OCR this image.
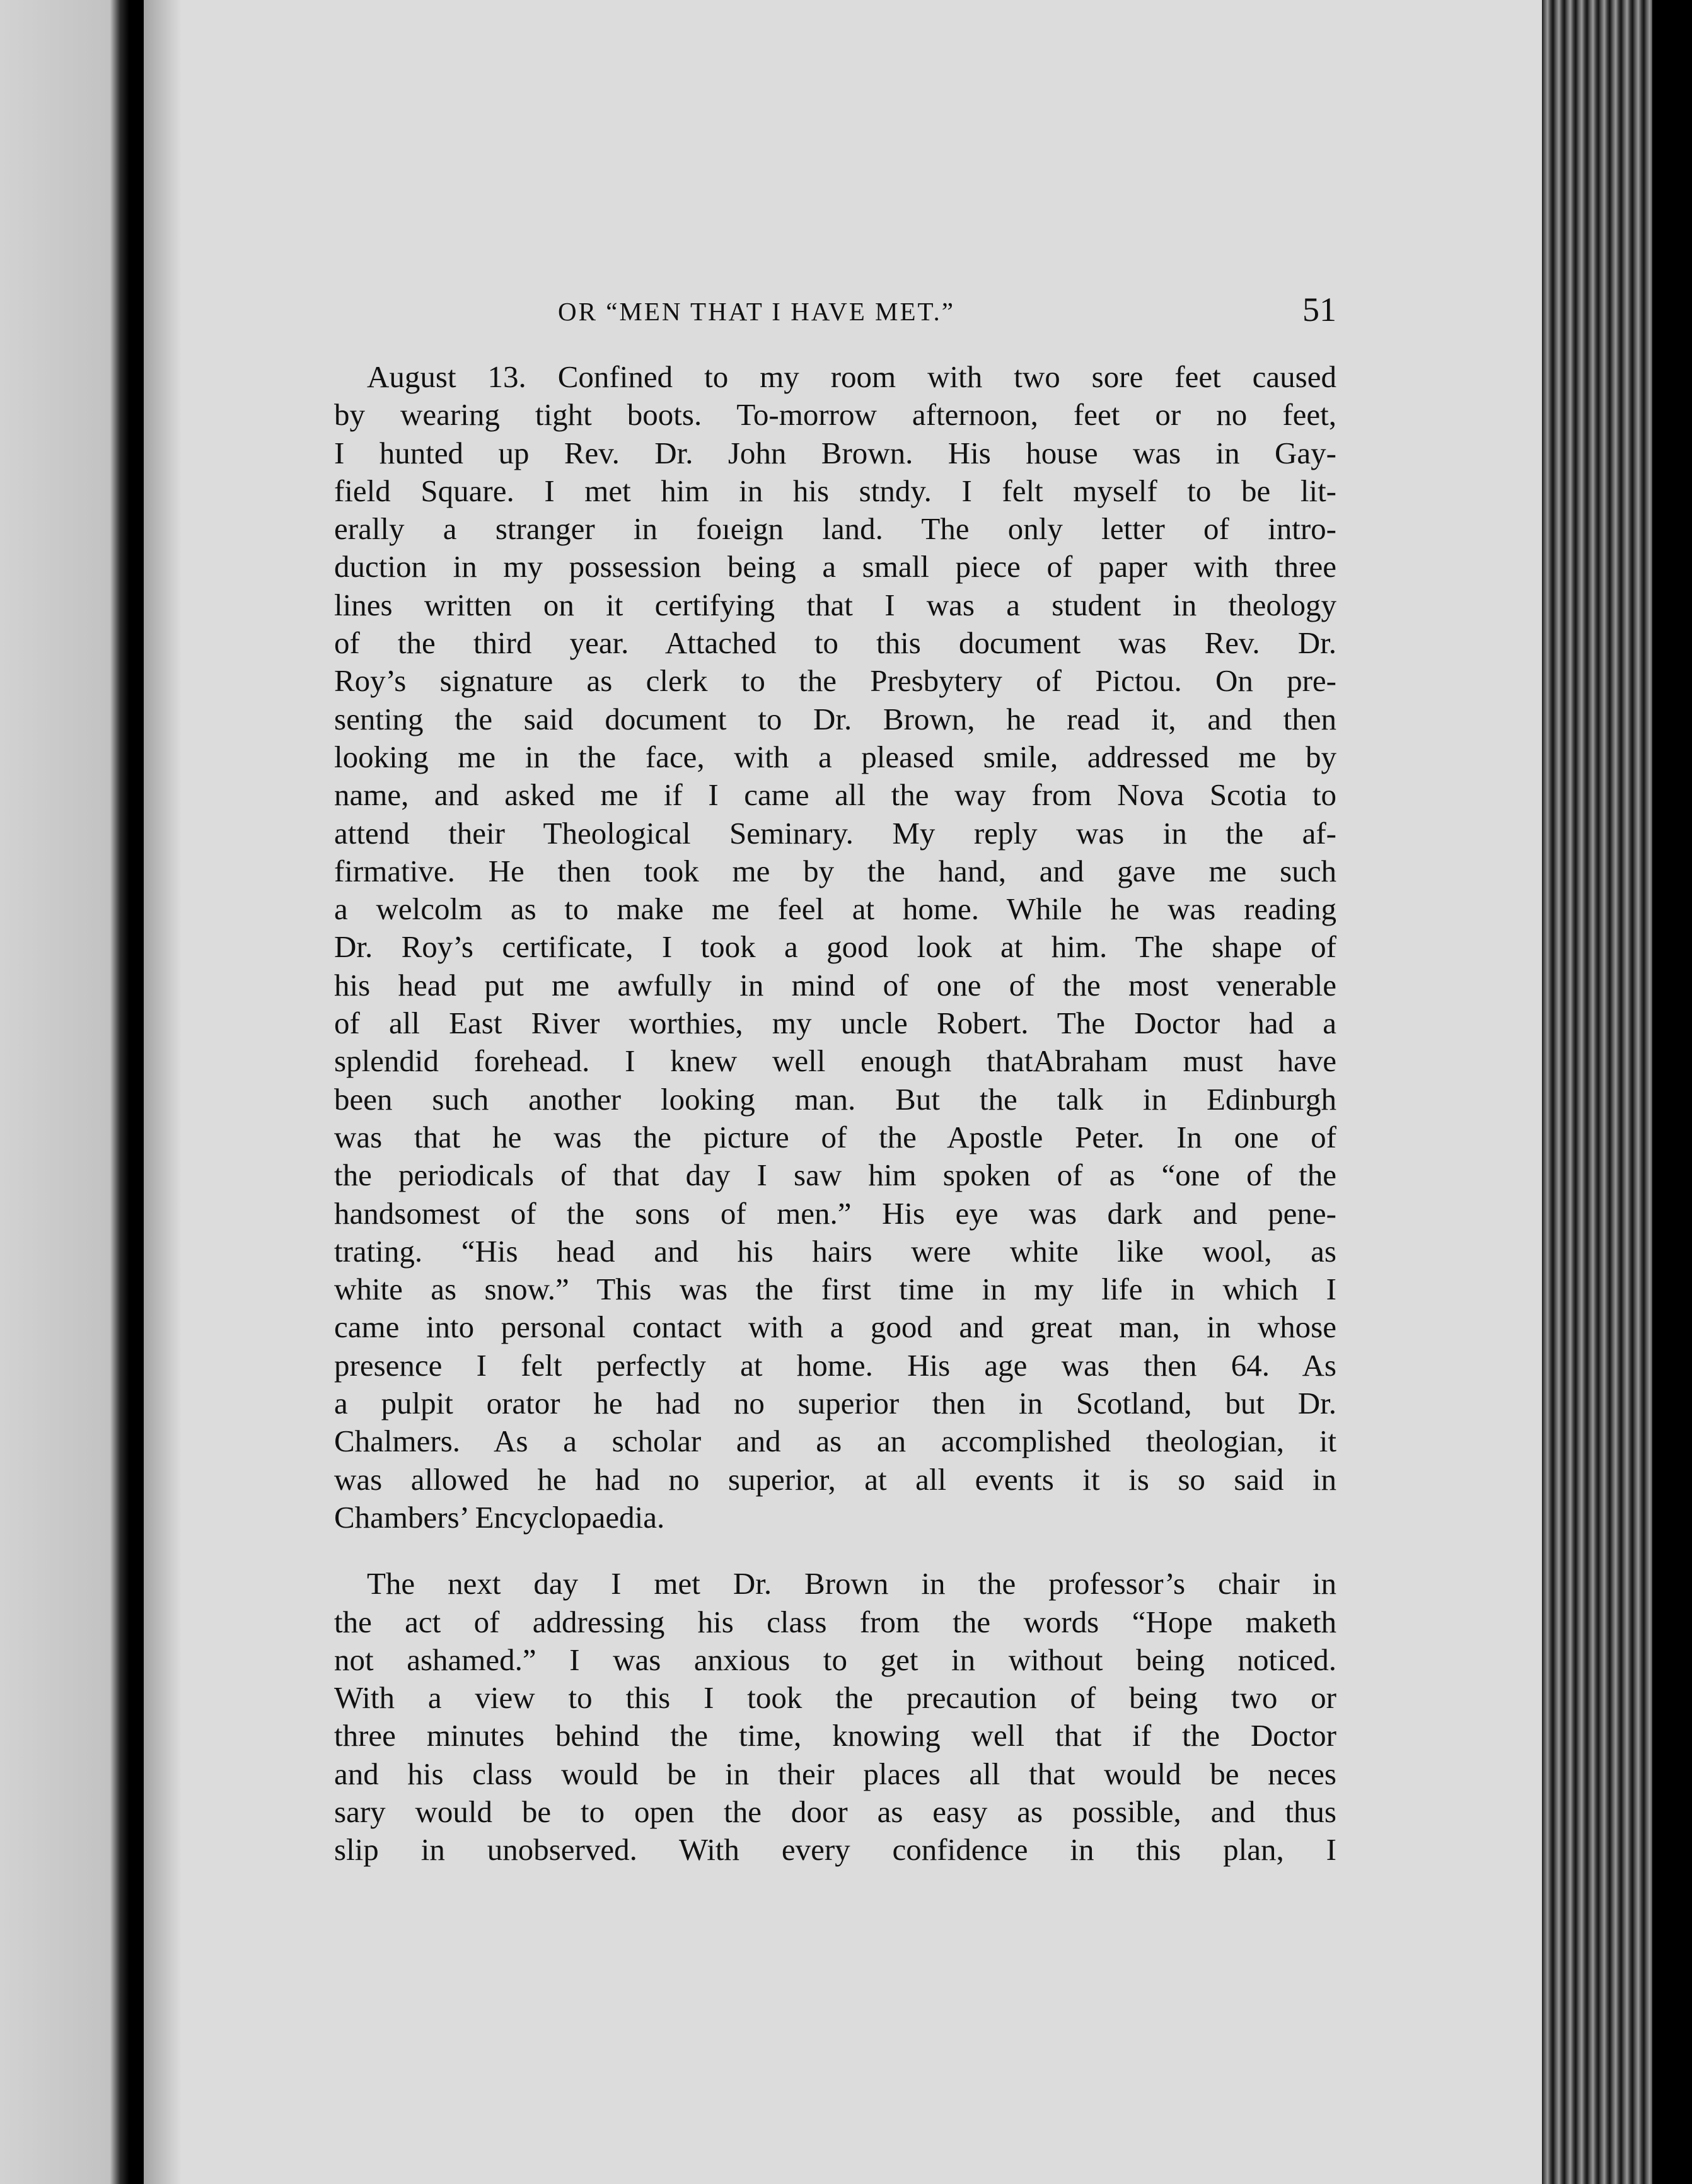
OR “MEN THAT I HAVE MET.”	51
August 13. Confined to my room with two sore feet caused
by wearing tight boots. To-morrow afternoon, feet or no feet,
I hunted up Rev. Dr. John Brown. His house was in Gay-
field Square. I met him in his stndy. I felt myself to be lit-
erally a stranger in foıeign land. The only letter of intro-
duction in my possession being a small piece of paper with three
lines written on it certifying that I was a student in theology
of the third year. Attached to this document was Rev. Dr.
Roy’s signature as clerk to the Presbytery of Pictou. On pre-
senting the said document to Dr. Brown, he read it, and then
looking me in the face, with a pleased smile, addressed me by
name, and asked me if I came all the way from Nova Scotia to
attend their Theological Seminary. My reply was in the af-
firmative. He then took me by the hand, and gave me such
a welcolm as to make me feel at home. While he was reading
Dr. Roy’s certificate, I took a good look at him. The shape of
his head put me awfully in mind of one of the most venerable
of all East River worthies, my uncle Robert. The Doctor had a
splendid forehead. I knew well enough thatAbraham must have
been such another looking man. But the talk in Edinburgh
was that he was the picture of the Apostle Peter. In one of
the periodicals of that day I saw him spoken of as “one of the
handsomest of the sons of men.” His eye was dark and pene-
trating. “His head and his hairs were white like wool, as
white as snow.” This was the first time in my life in which I
came into personal contact with a good and great man, in whose
presence I felt perfectly at home. His age was then 64. As
a pulpit orator he had no superior then in Scotland, but Dr.
Chalmers. As a scholar and as an accomplished theologian, it
was allowed he had no superior, at all events it is so said in
Chambers’ Encyclopaedia.
The next day I met Dr. Brown in the professor’s chair in
the act of addressing his class from the words “Hope maketh
not ashamed.” I was anxious to get in without being noticed.
With a view to this I took the precaution of being two or
three minutes behind the time, knowing well that if the Doctor
and his class would be in their places all that would be neces
sary would be to open the door as easy as possible, and thus
slip in unobserved. With every confidence in this plan, I
